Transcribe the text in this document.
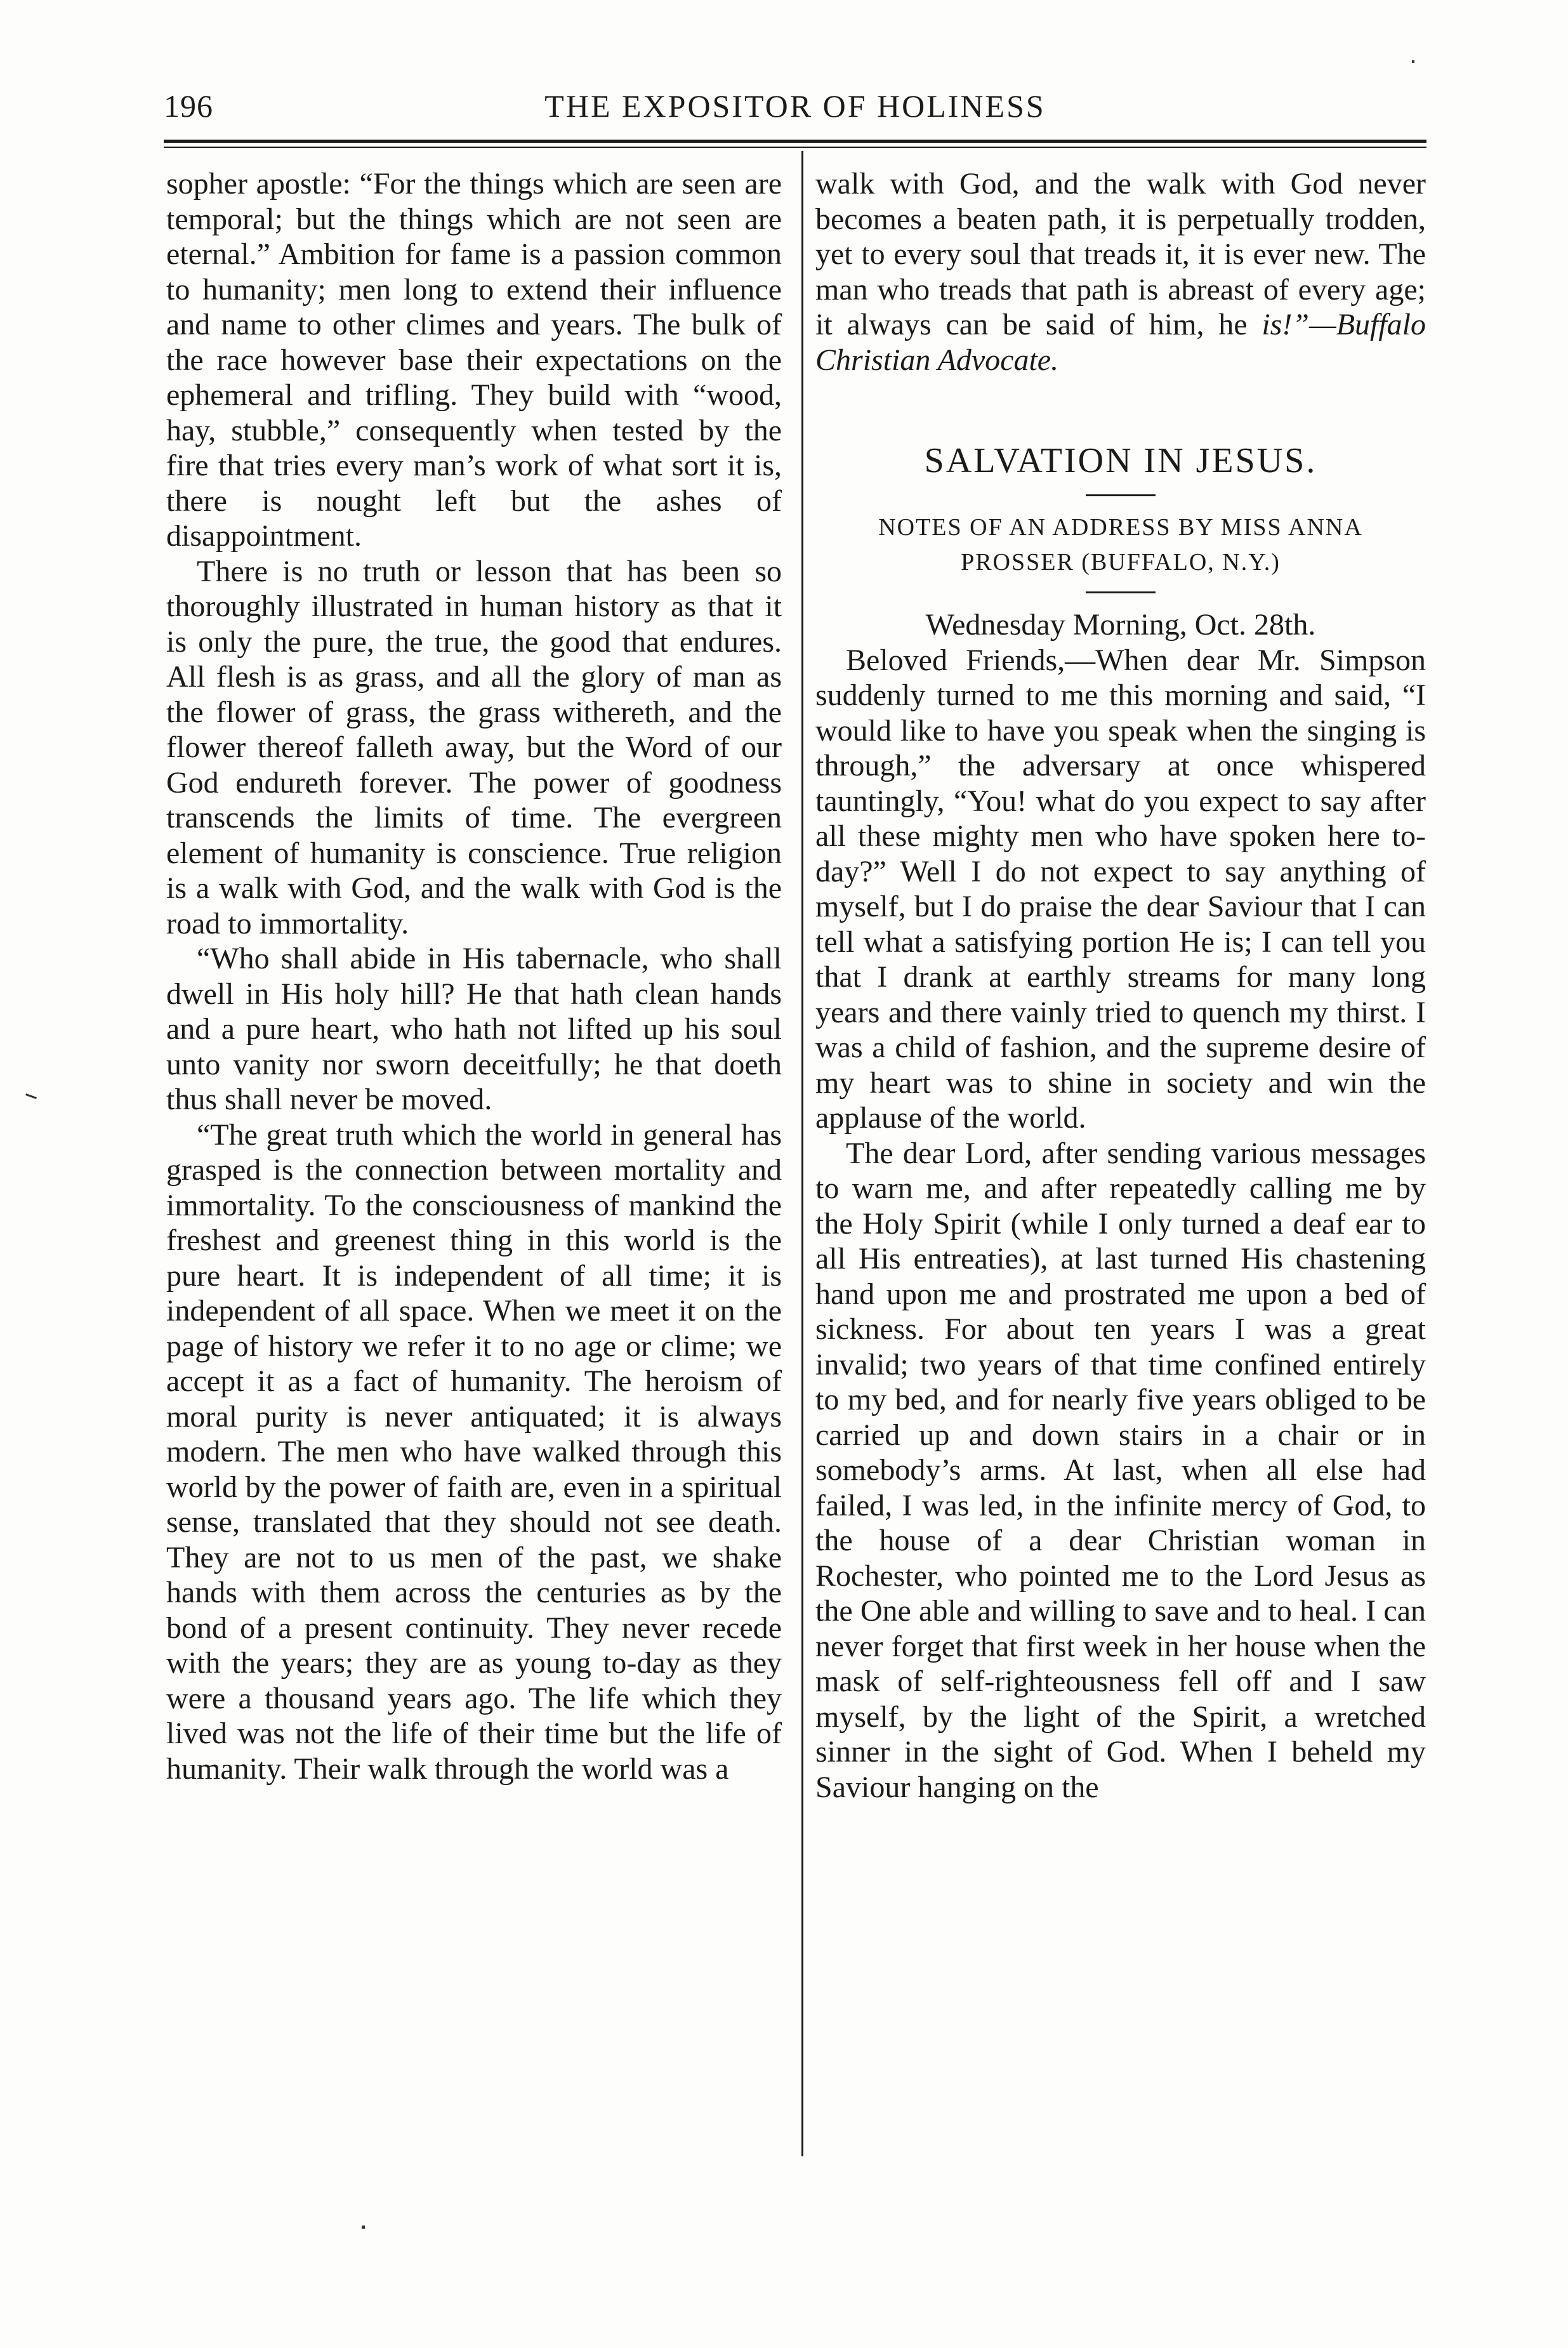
196	THE EXPOSITOR OF HOLINESS

sopher apostle: “For the things which are seen are temporal; but the things which are not seen are eternal.” Ambition for fame is a passion common to humanity; men long to extend their influence and name to other climes and years. The bulk of the race however base their expectations on the ephemeral and trifling. They build with “wood, hay, stubble,” consequently when tested by the fire that tries every man’s work of what sort it is, there is nought left but the ashes of disappointment.

There is no truth or lesson that has been so thoroughly illustrated in human history as that it is only the pure, the true, the good that endures. All flesh is as grass, and all the glory of man as the flower of grass, the grass withereth, and the flower thereof falleth away, but the Word of our God endureth forever. The power of goodness transcends the limits of time. The evergreen element of humanity is conscience. True religion is a walk with God, and the walk with God is the road to immortality.

“Who shall abide in His tabernacle, who shall dwell in His holy hill? He that hath clean hands and a pure heart, who hath not lifted up his soul unto vanity nor sworn deceitfully; he that doeth thus shall never be moved.

“The great truth which the world in general has grasped is the connection between mortality and immortality. To the consciousness of mankind the freshest and greenest thing in this world is the pure heart. It is independent of all time; it is independent of all space. When we meet it on the page of history we refer it to no age or clime; we accept it as a fact of humanity. The heroism of moral purity is never antiquated; it is always modern. The men who have walked through this world by the power of faith are, even in a spiritual sense, translated that they should not see death. They are not to us men of the past, we shake hands with them across the centuries as by the bond of a present continuity. They never recede with the years; they are as young to-day as they were a thousand years ago. The life which they lived was not the life of their time but the life of humanity. Their walk through the world was a

walk with God, and the walk with God never becomes a beaten path, it is perpetually trodden, yet to every soul that treads it, it is ever new. The man who treads that path is abreast of every age; it always can be said of him, he is!”—Buffalo Christian Advocate.

SALVATION IN JESUS.

NOTES OF AN ADDRESS BY MISS ANNA

PROSSER (BUFFALO, N.Y.)

Wednesday Morning, Oct. 28th.

Beloved Friends,—When dear Mr. Simpson suddenly turned to me this morning and said, “I would like to have you speak when the singing is through,” the adversary at once whispered tauntingly, “You! what do you expect to say after all these mighty men who have spoken here to-day?” Well I do not expect to say anything of myself, but I do praise the dear Saviour that I can tell what a satisfying portion He is; I can tell you that I drank at earthly streams for many long years and there vainly tried to quench my thirst. I was a child of fashion, and the supreme desire of my heart was to shine in society and win the applause of the world.

The dear Lord, after sending various messages to warn me, and after repeatedly calling me by the Holy Spirit (while I only turned a deaf ear to all His entreaties), at last turned His chastening hand upon me and prostrated me upon a bed of sickness. For about ten years I was a great invalid; two years of that time confined entirely to my bed, and for nearly five years obliged to be carried up and down stairs in a chair or in somebody’s arms. At last, when all else had failed, I was led, in the infinite mercy of God, to the house of a dear Christian woman in Rochester, who pointed me to the Lord Jesus as the One able and willing to save and to heal. I can never forget that first week in her house when the mask of self-righteousness fell off and I saw myself, by the light of the Spirit, a wretched sinner in the sight of God. When I beheld my Saviour hanging on the
